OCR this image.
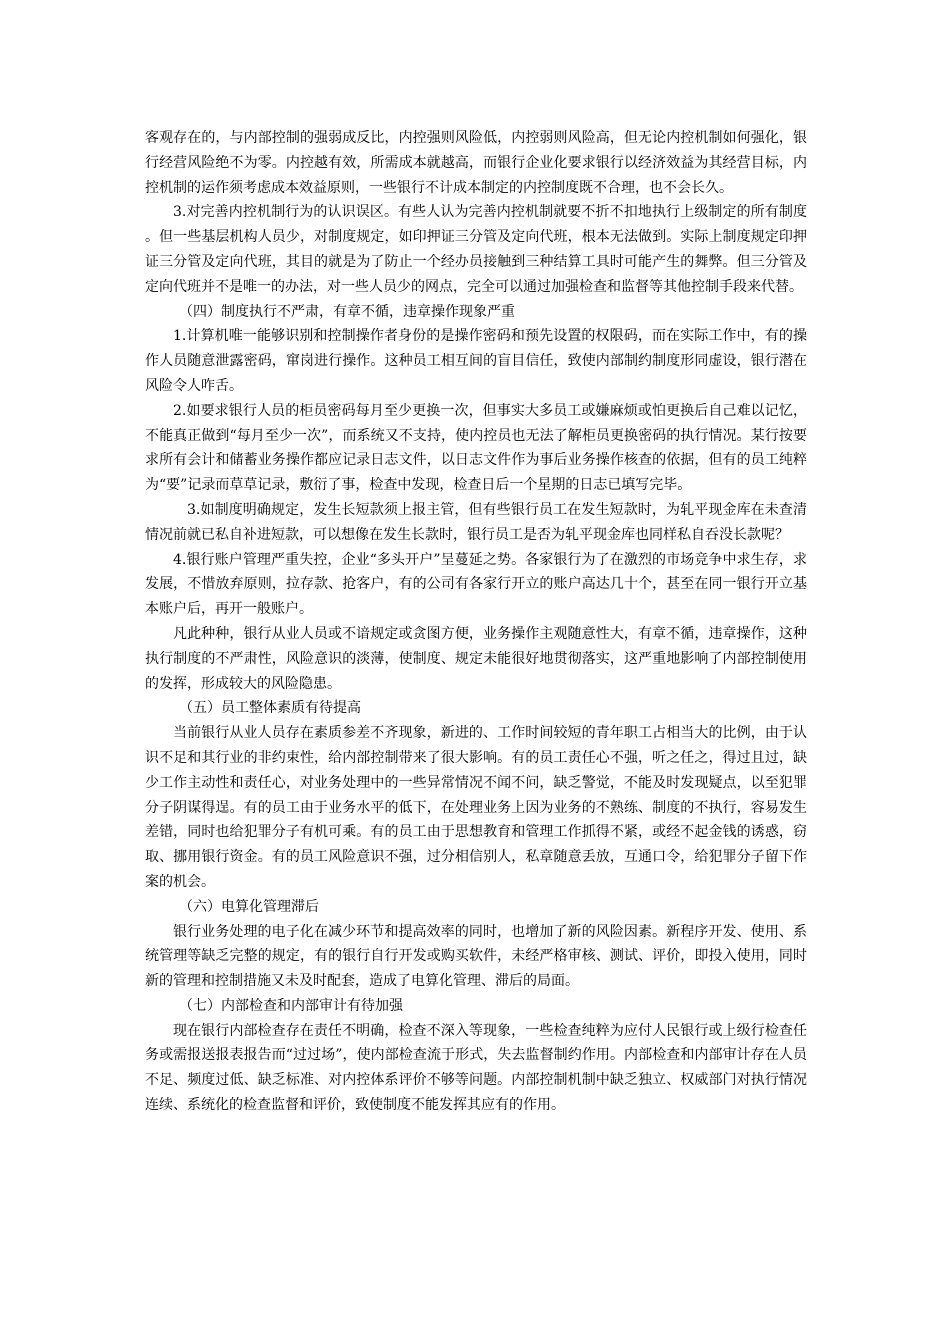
客观存在的，与内部控制的强弱成反比，内控强则风险低，内控弱则风险高，但无论内控机制如何强化，银行经营风险绝不为零。内控越有效，所需成本就越高，而银行企业化要求银行以经济效益为其经营目标，内控机制的运作须考虑成本效益原则，一些银行不计成本制定的内控制度既不合理，也不会长久。

3.对完善内控机制行为的认识误区。有些人认为完善内控机制就要不折不扣地执行上级制定的所有制度。但一些基层机构人员少，对制度规定，如印押证三分管及定向代班，根本无法做到。实际上制度规定印押证三分管及定向代班，其目的就是为了防止一个经办员接触到三种结算工具时可能产生的舞弊。但三分管及定向代班并不是唯一的办法，对一些人员少的网点，完全可以通过加强检查和监督等其他控制手段来代替。

（四）制度执行不严肃，有章不循，违章操作现象严重

1.计算机唯一能够识别和控制操作者身份的是操作密码和预先设置的权限码，而在实际工作中，有的操作人员随意泄露密码，窜岗进行操作。这种员工相互间的盲目信任，致使内部制约制度形同虚设，银行潜在风险令人咋舌。

2.如要求银行人员的柜员密码每月至少更换一次，但事实大多员工或嫌麻烦或怕更换后自己难以记忆，不能真正做到“每月至少一次”，而系统又不支持，使内控员也无法了解柜员更换密码的执行情况。某行按要求所有会计和储蓄业务操作都应记录日志文件，以日志文件作为事后业务操作核查的依据，但有的员工纯粹为“要”记录而草草记录，敷衍了事，检查中发现，检查日后一个星期的日志已填写完毕。

3.如制度明确规定，发生长短款须上报主管，但有些银行员工在发生短款时，为轧平现金库在未查清情况前就已私自补进短款，可以想像在发生长款时，银行员工是否为轧平现金库也同样私自吞没长款呢？

4.银行账户管理严重失控，企业“多头开户”呈蔓延之势。各家银行为了在激烈的市场竞争中求生存，求发展，不惜放弃原则，拉存款、抢客户，有的公司有各家行开立的账户高达几十个，甚至在同一银行开立基本账户后，再开一般账户。

凡此种种，银行从业人员或不谙规定或贪图方便，业务操作主观随意性大，有章不循，违章操作，这种执行制度的不严肃性，风险意识的淡薄，使制度、规定未能很好地贯彻落实，这严重地影响了内部控制使用的发挥，形成较大的风险隐患。

（五）员工整体素质有待提高

当前银行从业人员存在素质参差不齐现象，新进的、工作时间较短的青年职工占相当大的比例，由于认识不足和其行业的非约束性，给内部控制带来了很大影响。有的员工责任心不强，听之任之，得过且过，缺少工作主动性和责任心，对业务处理中的一些异常情况不闻不问，缺乏警觉，不能及时发现疑点，以至犯罪分子阴谋得逞。有的员工由于业务水平的低下，在处理业务上因为业务的不熟练、制度的不执行，容易发生差错，同时也给犯罪分子有机可乘。有的员工由于思想教育和管理工作抓得不紧，或经不起金钱的诱惑，窃取、挪用银行资金。有的员工风险意识不强，过分相信别人，私章随意丢放，互通口令，给犯罪分子留下作案的机会。

（六）电算化管理滞后

银行业务处理的电子化在减少环节和提高效率的同时，也增加了新的风险因素。新程序开发、使用、系统管理等缺乏完整的规定，有的银行自行开发或购买软件，未经严格审核、测试、评价，即投入使用，同时新的管理和控制措施又未及时配套，造成了电算化管理、滞后的局面。

（七）内部检查和内部审计有待加强

现在银行内部检查存在责任不明确，检查不深入等现象，一些检查纯粹为应付人民银行或上级行检查任务或需报送报表报告而“过过场”，使内部检查流于形式，失去监督制约作用。内部检查和内部审计存在人员不足、频度过低、缺乏标准、对内控体系评价不够等问题。内部控制机制中缺乏独立、权威部门对执行情况连续、系统化的检查监督和评价，致使制度不能发挥其应有的作用。
